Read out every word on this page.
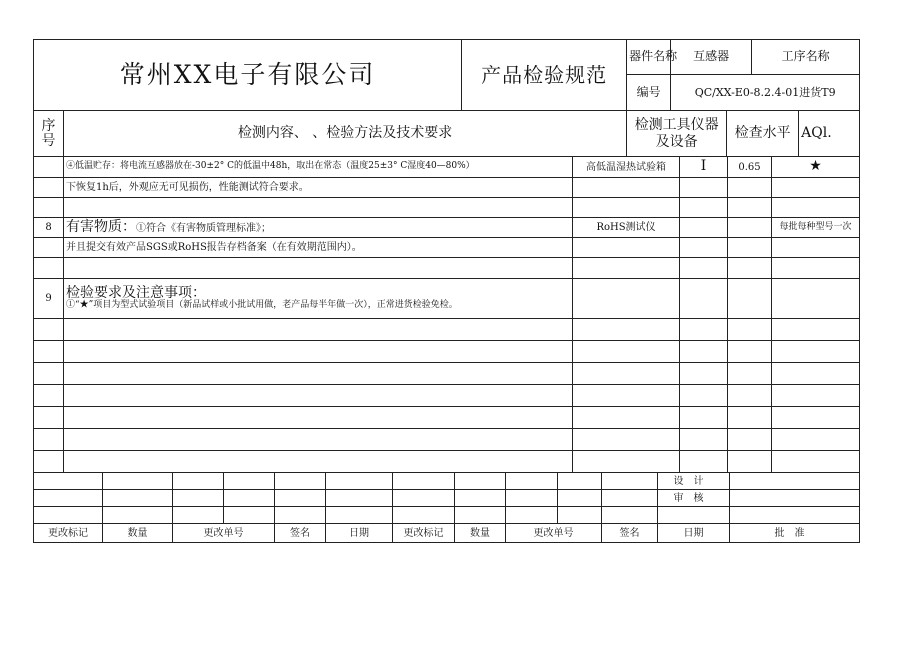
常州XX电子有限公司		产品检验规范	器件名称	互感器		工序名称	
			编号	QC/XX-E0-8.2.4-01进货T9	
序号	检测内容、 、检验方法及技术要求		检测工具仪器及设备		检查水平		AQl.	
	④低温贮存：将电流互感器放在-30±2° C的低温中48h，取出在常态（温度25±3° C湿度40—80%）	高低温湿热试验箱	I	0.65	★
	下恢复1h后，外观应无可见损伤，性能测试符合要求。				

8	有害物质：①符合《有害物质管理标准》；	RoHS测试仪			每批每种型号一次
	并且提交有效产品SGS或RoHS报告存档备案（在有效期范围内）。				

9	检验要求及注意事项：
①“★”项目为型式试验项目（新品试样或小批试用做，老产品每半年做一次），正常进货检验免检。				

											设计	
											审核	

更改标记	数量	更改单号		签名	日期	更改标记	数量	更改单号		签名	日期	批准
